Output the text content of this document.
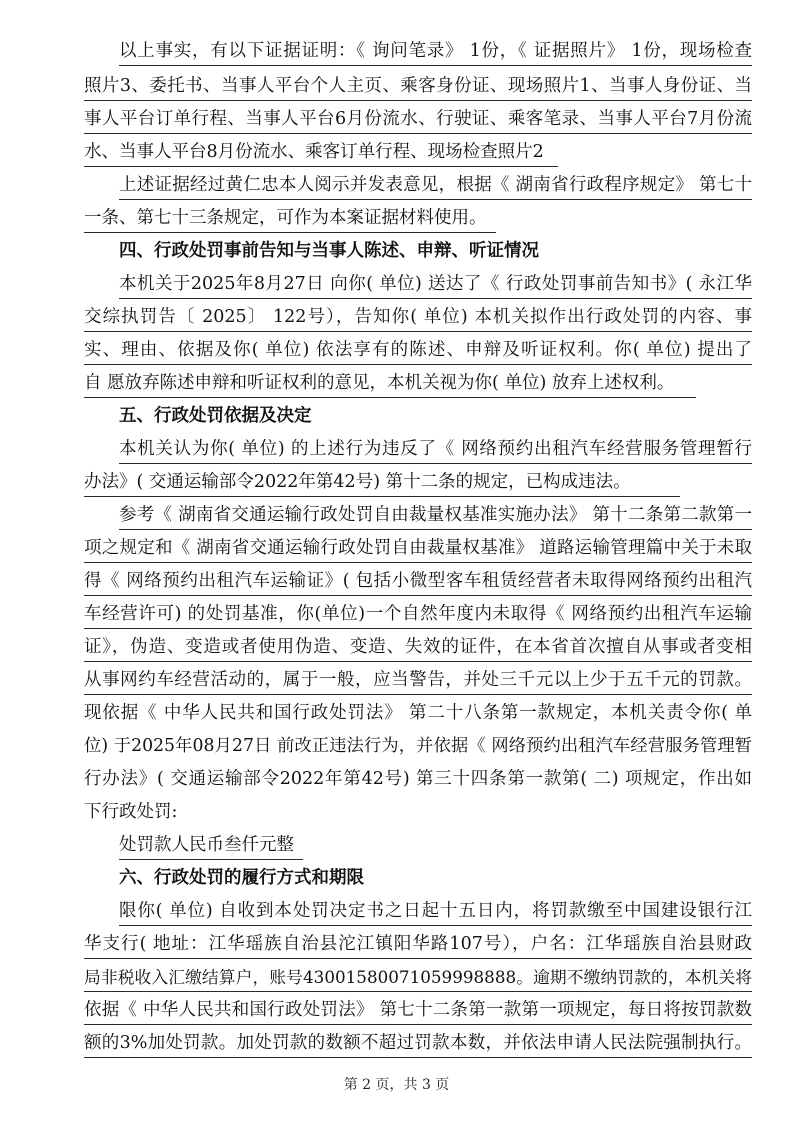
以上事实，有以下证据证明：《 询问笔录》 1份，《 证据照片》 1份，现场检查
照片3、委托书、当事人平台个人主页、乘客身份证、现场照片1、当事人身份证、当
事人平台订单行程、当事人平台6月份流水、行驶证、乘客笔录、当事人平台7月份流
水、当事人平台8月份流水、乘客订单行程、现场检查照片2
上述证据经过黄仁忠本人阅示并发表意见，根据《 湖南省行政程序规定》 第七十
一条、第七十三条规定，可作为本案证据材料使用。
四、行政处罚事前告知与当事人陈述、申辩、听证情况
本机关于2025年8月27日 向你( 单位) 送达了《 行政处罚事前告知书》( 永江华
交综执罚告〔 2025〕 122号），告知你( 单位) 本机关拟作出行政处罚的内容、事
实、理由、依据及你( 单位) 依法享有的陈述、申辩及听证权利。你( 单位) 提出了
自 愿放弃陈述申辩和听证权利的意见，本机关视为你( 单位) 放弃上述权利。
五、行政处罚依据及决定
本机关认为你( 单位) 的上述行为违反了《 网络预约出租汽车经营服务管理暂行
办法》( 交通运输部令2022年第42号) 第十二条的规定，已构成违法。
参考《 湖南省交通运输行政处罚自由裁量权基准实施办法》 第十二条第二款第一
项之规定和《 湖南省交通运输行政处罚自由裁量权基准》 道路运输管理篇中关于未取
得《 网络预约出租汽车运输证》( 包括小微型客车租赁经营者未取得网络预约出租汽
车经营许可) 的处罚基准，你(单位)一个自然年度内未取得《 网络预约出租汽车运输
证》，伪造、变造或者使用伪造、变造、失效的证件，在本省首次擅自从事或者变相
从事网约车经营活动的，属于一般，应当警告，并处三千元以上少于五千元的罚款。
现依据《 中华人民共和国行政处罚法》 第二十八条第一款规定，本机关责令你( 单
位) 于2025年08月27日 前改正违法行为，并依据《 网络预约出租汽车经营服务管理暂
行办法》( 交通运输部令2022年第42号) 第三十四条第一款第( 二) 项规定，作出如
下行政处罚:
处罚款人民币叁仟元整
六、行政处罚的履行方式和期限
限你( 单位) 自收到本处罚决定书之日起十五日内，将罚款缴至中国建设银行江
华支行( 地址：江华瑶族自治县沱江镇阳华路107号），户名：江华瑶族自治县财政
局非税收入汇缴结算户，账号43001580071059998888。逾期不缴纳罚款的，本机关将
依据《 中华人民共和国行政处罚法》 第七十二条第一款第一项规定，每日将按罚款数
额的3%加处罚款。加处罚款的数额不超过罚款本数，并依法申请人民法院强制执行。
第 2 页，共 3 页
